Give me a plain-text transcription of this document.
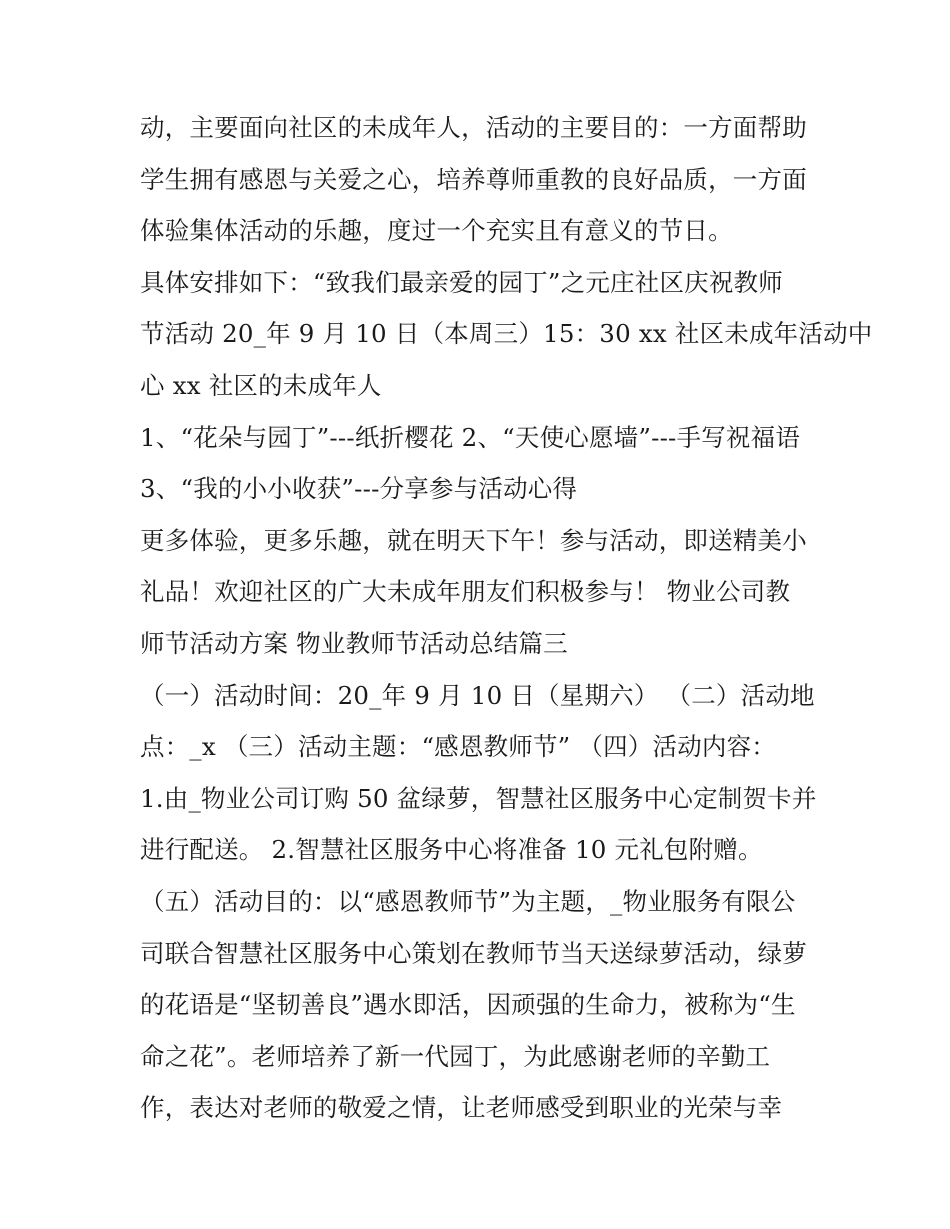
动，主要面向社区的未成年人，活动的主要目的：一方面帮助
学生拥有感恩与关爱之心，培养尊师重教的良好品质，一方面
体验集体活动的乐趣，度过一个充实且有意义的节日。
具体安排如下：“致我们最亲爱的园丁”之元庄社区庆祝教师
节活动 20_年 9 月 10 日（本周三）15：30 xx 社区未成年活动中
心 xx 社区的未成年人
1、“花朵与园丁”---纸折樱花 2、“天使心愿墙”---手写祝福语
3、“我的小小收获”---分享参与活动心得
更多体验，更多乐趣，就在明天下午！参与活动，即送精美小
礼品！欢迎社区的广大未成年朋友们积极参与！ 物业公司教
师节活动方案 物业教师节活动总结篇三
（一）活动时间：20_年 9 月 10 日（星期六） （二）活动地
点：_x （三）活动主题：“感恩教师节” （四）活动内容：
1.由_物业公司订购 50 盆绿萝，智慧社区服务中心定制贺卡并
进行配送。 2.智慧社区服务中心将准备 10 元礼包附赠。
（五）活动目的：以“感恩教师节”为主题，_物业服务有限公
司联合智慧社区服务中心策划在教师节当天送绿萝活动，绿萝
的花语是“坚韧善良”遇水即活，因顽强的生命力，被称为“生
命之花”。老师培养了新一代园丁，为此感谢老师的辛勤工
作，表达对老师的敬爱之情，让老师感受到职业的光荣与幸
